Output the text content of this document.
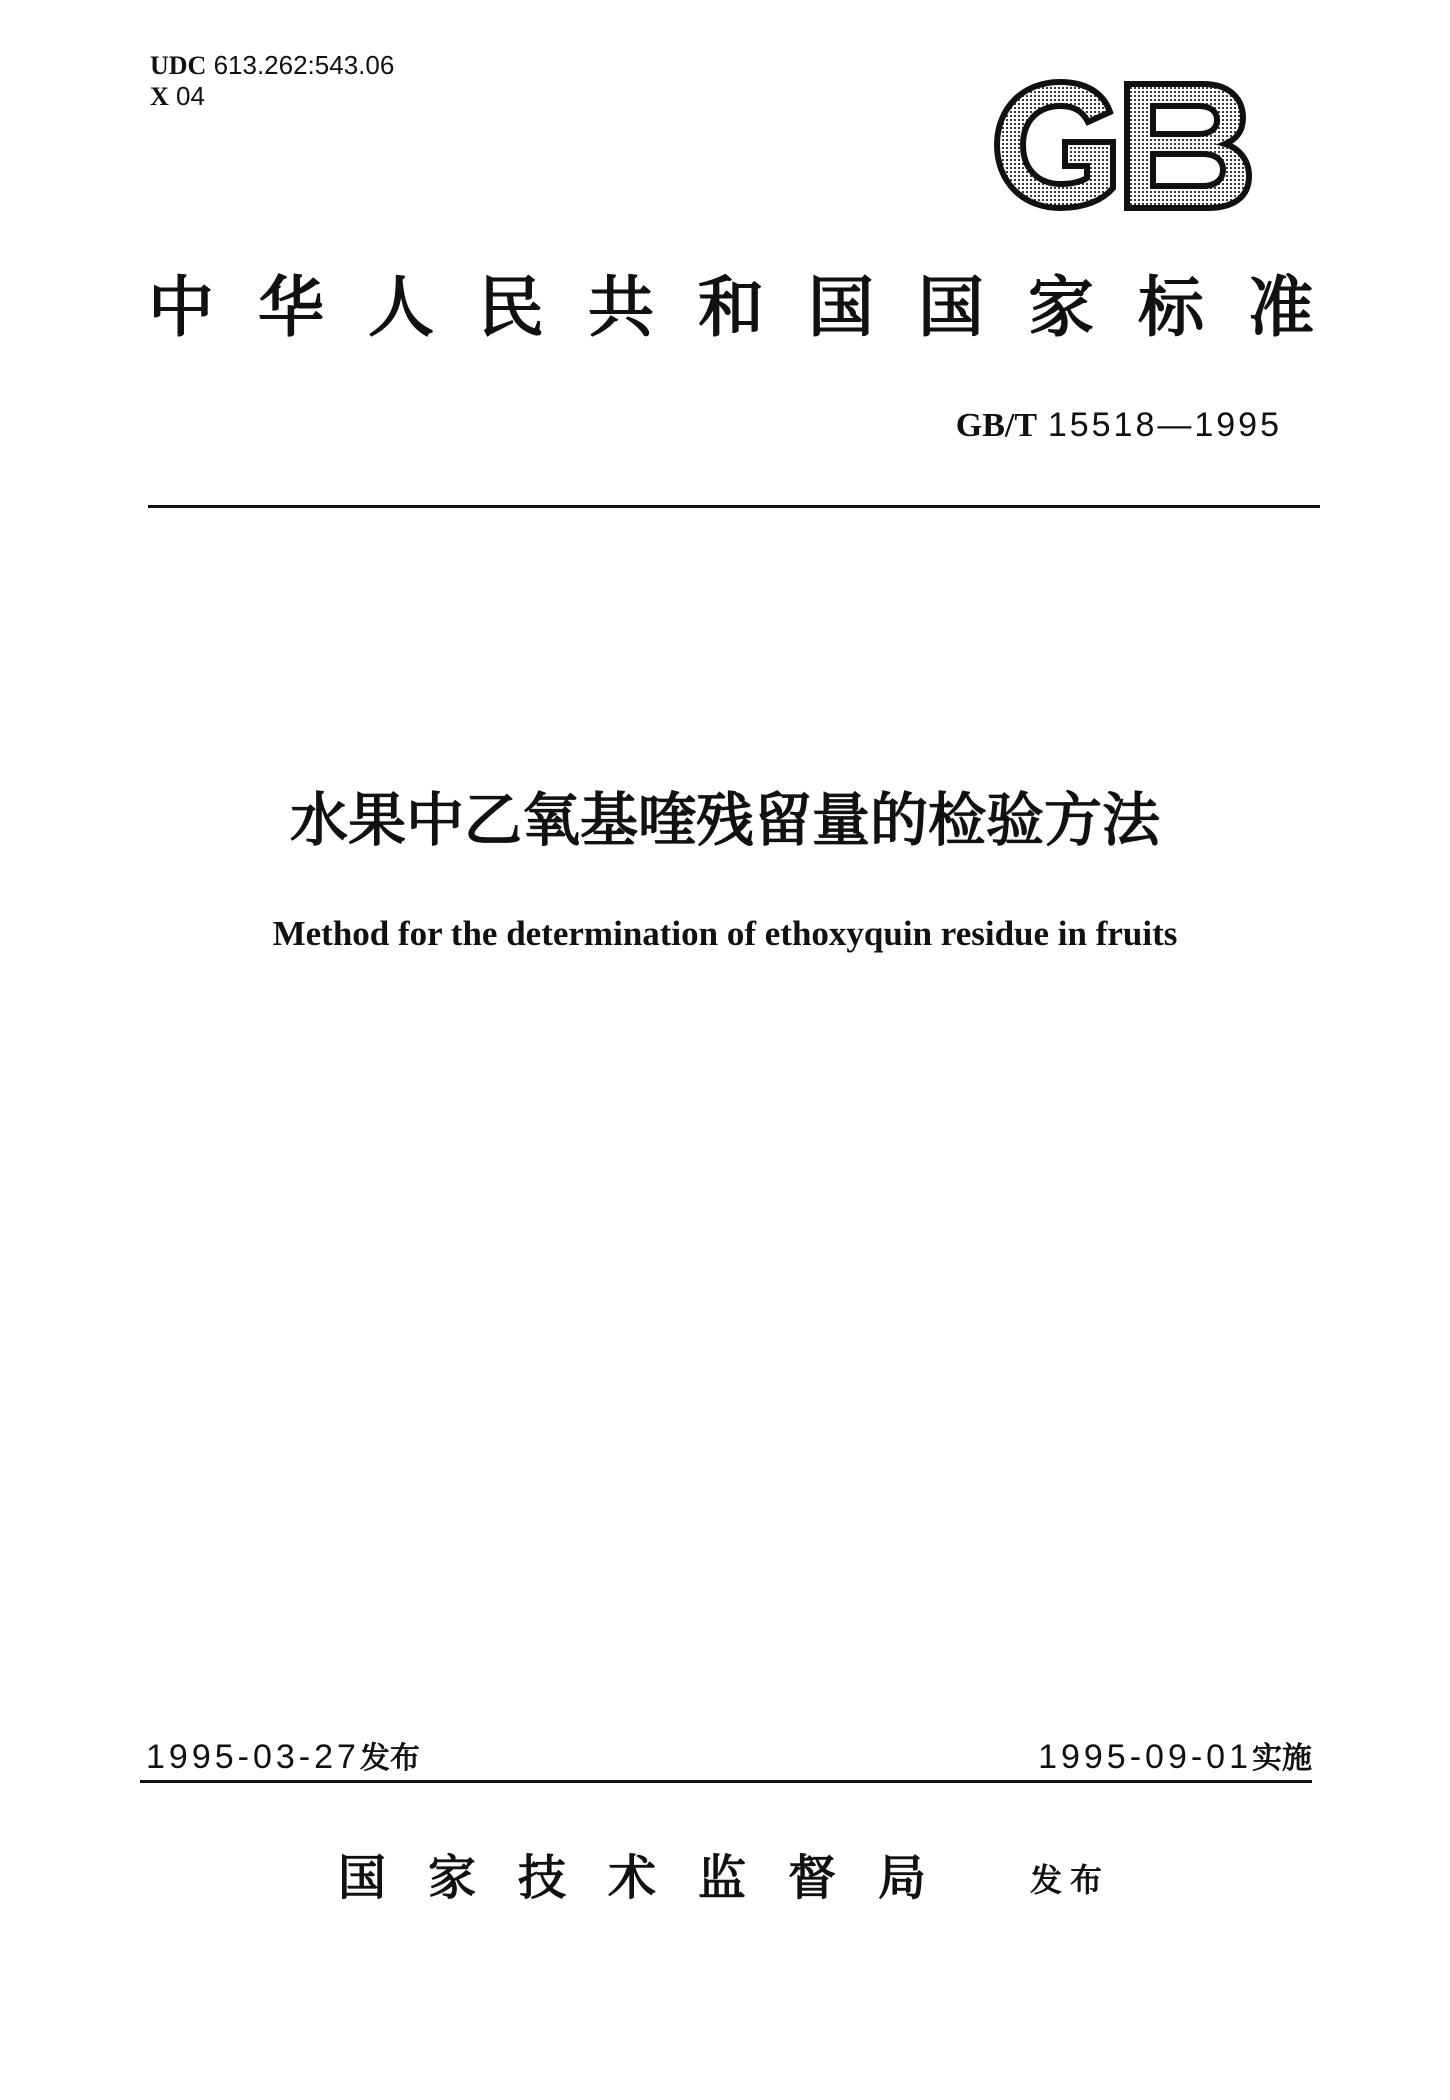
UDC 613.262:543.06
X 04
中华人民共和国国家标准
GB/T 15518—1995
水果中乙氧基喹残留量的检验方法
Method for the determination of ethoxyquin residue in fruits
1995-03-27发布	1995-09-01实施
国家技术监督局 发布
